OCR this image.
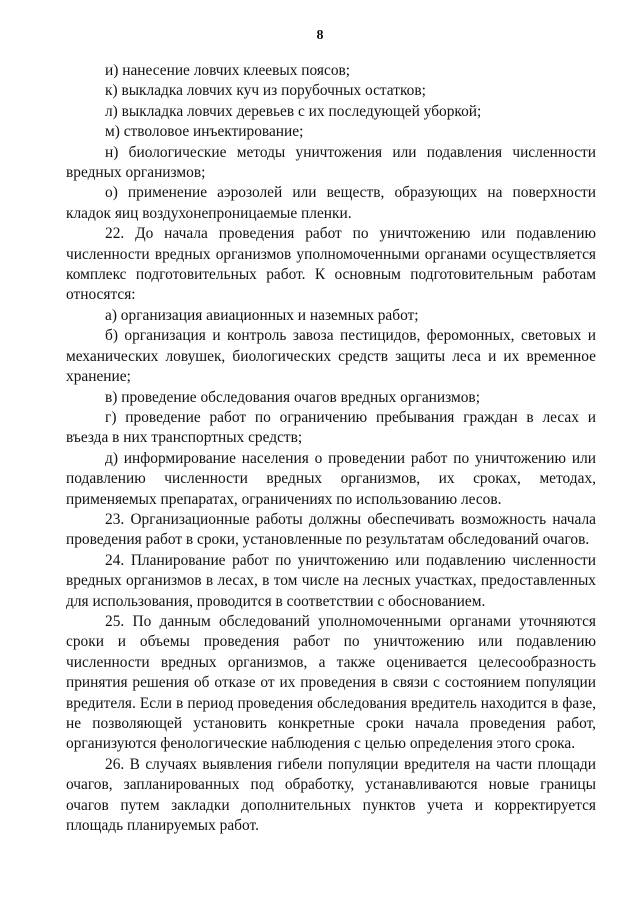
8

и) нанесение ловчих клеевых поясов;

к) выкладка ловчих куч из порубочных остатков;

л) выкладка ловчих деревьев с их последующей уборкой;

м) стволовое инъектирование;

н) биологические методы уничтожения или подавления численности вредных организмов;

о) применение аэрозолей или веществ, образующих на поверхности кладок яиц воздухонепроницаемые пленки.

22. До начала проведения работ по уничтожению или подавлению численности вредных организмов уполномоченными органами осуществляется комплекс подготовительных работ. К основным подготовительным работам относятся:

а) организация авиационных и наземных работ;

б) организация и контроль завоза пестицидов, феромонных, световых и механических ловушек, биологических средств защиты леса и их временное хранение;

в) проведение обследования очагов вредных организмов;

г) проведение работ по ограничению пребывания граждан в лесах и въезда в них транспортных средств;

д) информирование населения о проведении работ по уничтожению или подавлению численности вредных организмов, их сроках, методах, применяемых препаратах, ограничениях по использованию лесов.

23. Организационные работы должны обеспечивать возможность начала проведения работ в сроки, установленные по результатам обследований очагов.

24. Планирование работ по уничтожению или подавлению численности вредных организмов в лесах, в том числе на лесных участках, предоставленных для использования, проводится в соответствии с обоснованием.

25. По данным обследований уполномоченными органами уточняются сроки и объемы проведения работ по уничтожению или подавлению численности вредных организмов, а также оценивается целесообразность принятия решения об отказе от их проведения в связи с состоянием популяции вредителя. Если в период проведения обследования вредитель находится в фазе, не позволяющей установить конкретные сроки начала проведения работ, организуются фенологические наблюдения с целью определения этого срока.

26. В случаях выявления гибели популяции вредителя на части площади очагов, запланированных под обработку, устанавливаются новые границы очагов путем закладки дополнительных пунктов учета и корректируется площадь планируемых работ.
